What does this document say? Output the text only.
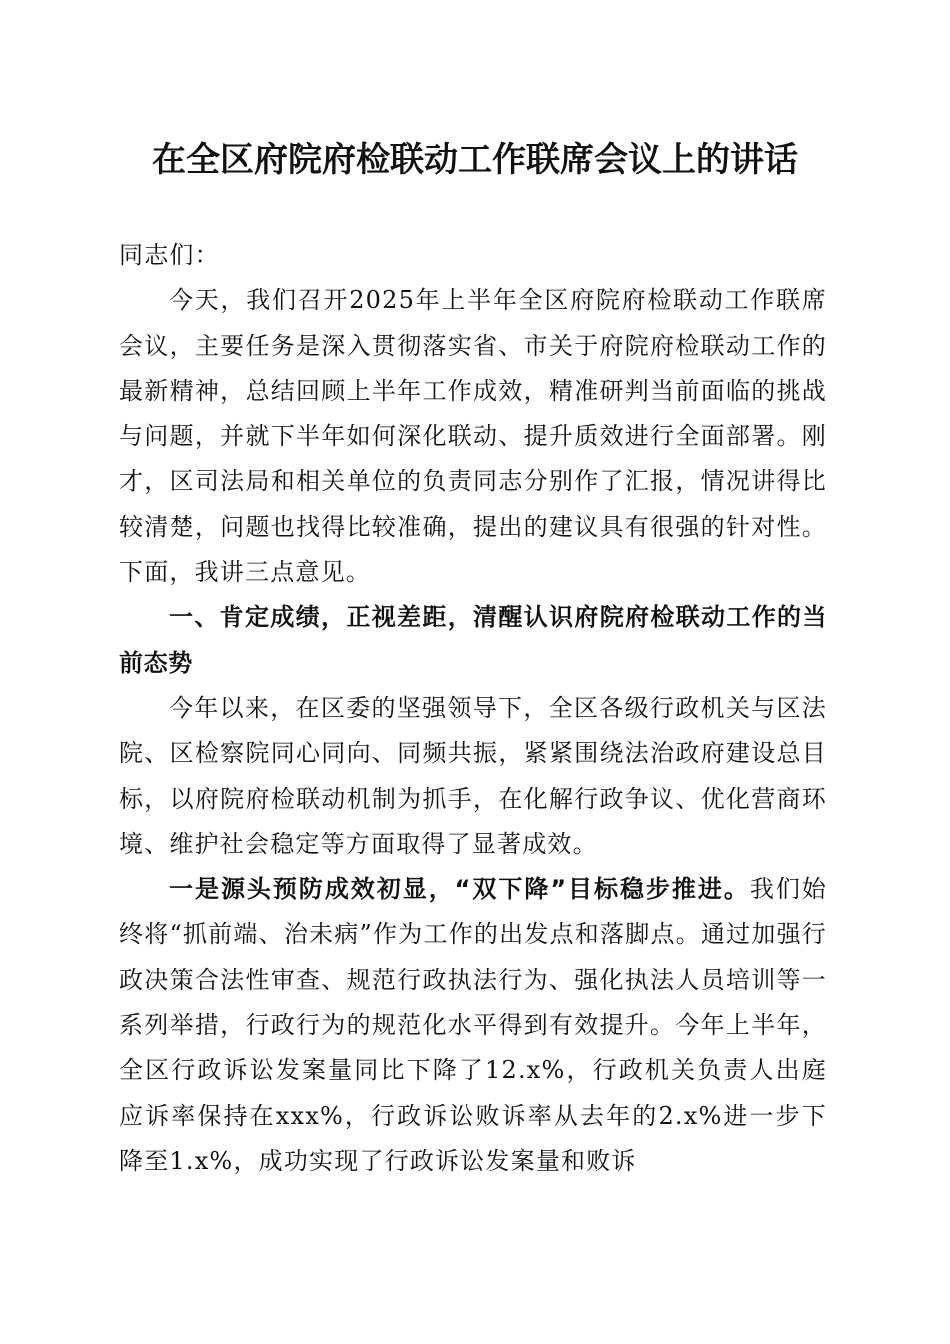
在全区府院府检联动工作联席会议上的讲话

同志们：

今天，我们召开2025年上半年全区府院府检联动工作联席会议，主要任务是深入贯彻落实省、市关于府院府检联动工作的最新精神，总结回顾上半年工作成效，精准研判当前面临的挑战与问题，并就下半年如何深化联动、提升质效进行全面部署。刚才，区司法局和相关单位的负责同志分别作了汇报，情况讲得比较清楚，问题也找得比较准确，提出的建议具有很强的针对性。下面，我讲三点意见。

一、肯定成绩，正视差距，清醒认识府院府检联动工作的当前态势

今年以来，在区委的坚强领导下，全区各级行政机关与区法院、区检察院同心同向、同频共振，紧紧围绕法治政府建设总目标，以府院府检联动机制为抓手，在化解行政争议、优化营商环境、维护社会稳定等方面取得了显著成效。

一是源头预防成效初显，“双下降”目标稳步推进。我们始终将“抓前端、治未病”作为工作的出发点和落脚点。通过加强行政决策合法性审查、规范行政执法行为、强化执法人员培训等一系列举措，行政行为的规范化水平得到有效提升。今年上半年，全区行政诉讼发案量同比下降了12.x%，行政机关负责人出庭应诉率保持在xxx%，行政诉讼败诉率从去年的2.x%进一步下降至1.x%，成功实现了行政诉讼发案量和败诉
